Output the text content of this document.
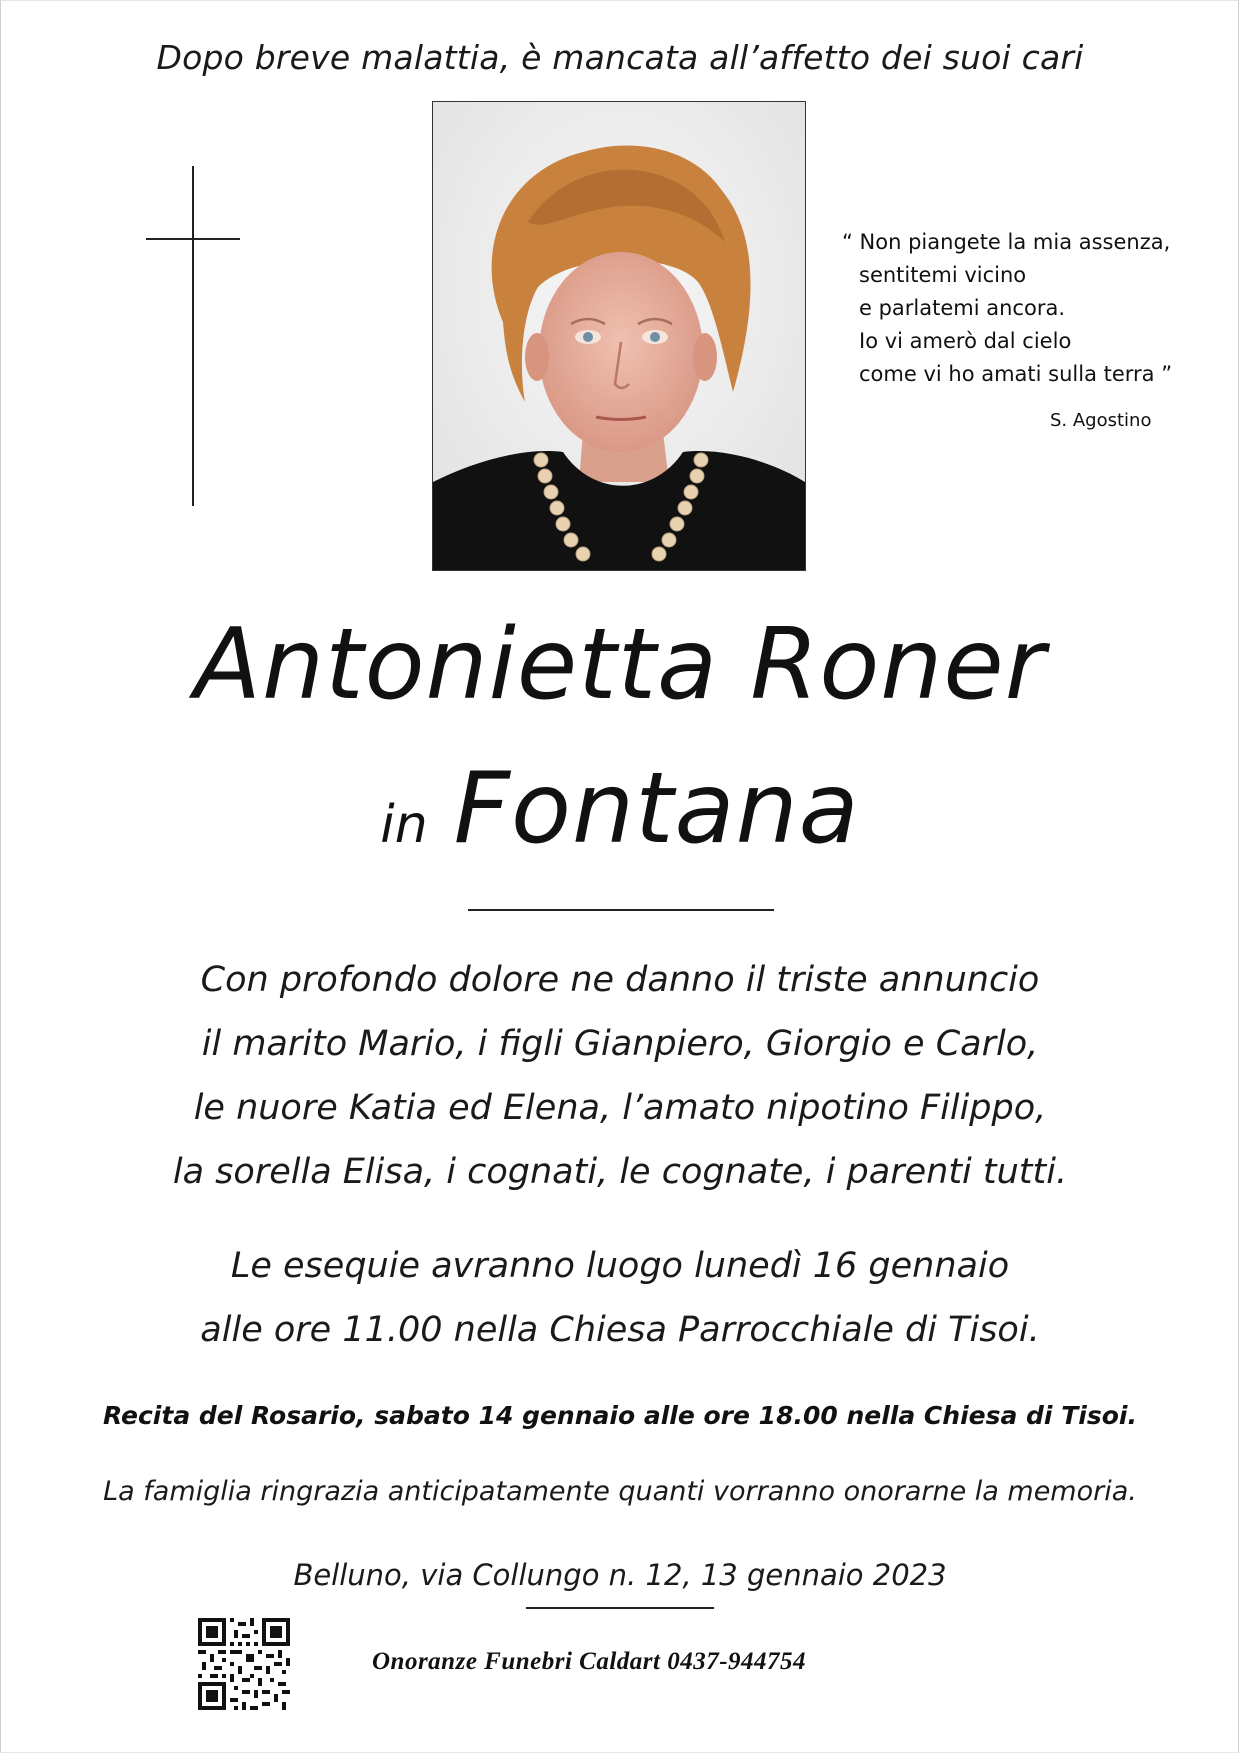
Dopo breve malattia, è mancata all’affetto dei suoi cari
“ Non piangete la mia assenza,
sentitemi vicino
e parlatemi ancora.
Io vi amerò dal cielo
come vi ho amati sulla terra ”
S. Agostino
Antonietta Roner
in Fontana
Con profondo dolore ne danno il triste annuncio
il marito Mario, i figli Gianpiero, Giorgio e Carlo,
le nuore Katia ed Elena, l’amato nipotino Filippo,
la sorella Elisa, i cognati, le cognate, i parenti tutti.
Le esequie avranno luogo lunedì 16 gennaio
alle ore 11.00 nella Chiesa Parrocchiale di Tisoi.
Recita del Rosario, sabato 14 gennaio alle ore 18.00 nella Chiesa di Tisoi.
La famiglia ringrazia anticipatamente quanti vorranno onorarne la memoria.
Belluno, via Collungo n. 12, 13 gennaio 2023
Onoranze Funebri Caldart 0437-944754
